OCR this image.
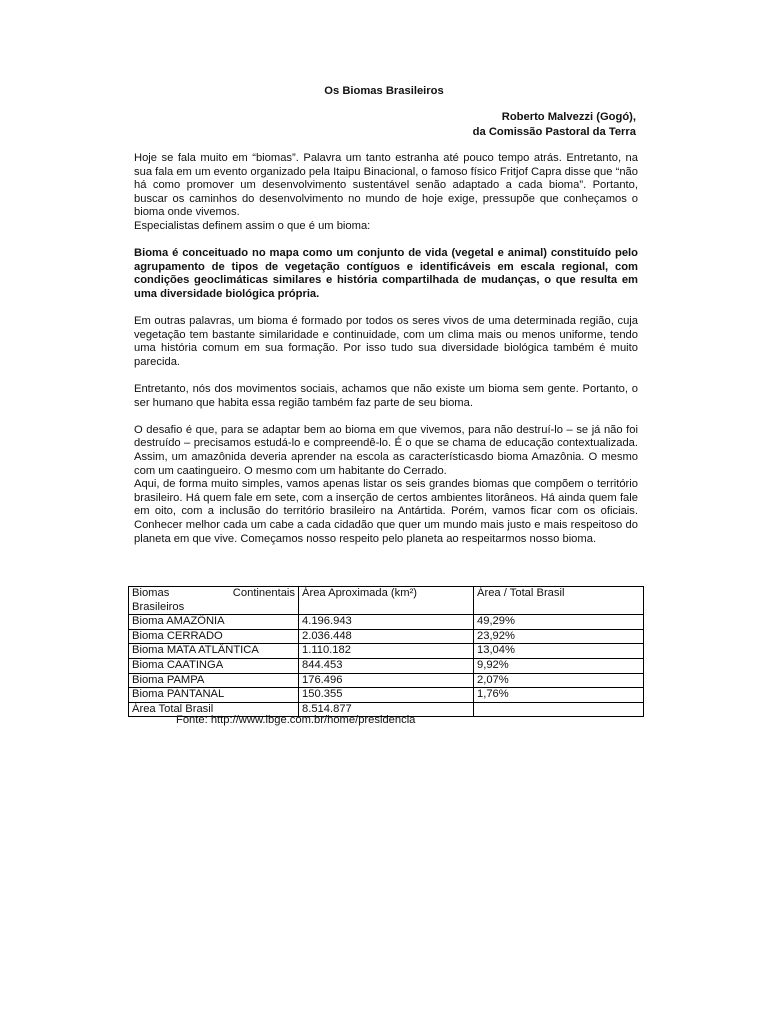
Os Biomas Brasileiros
Roberto Malvezzi (Gogó),
da Comissão Pastoral da Terra

Hoje se fala muito em “biomas”. Palavra um tanto estranha até pouco tempo atrás. Entretanto, na sua fala em um evento organizado pela Itaipu Binacional, o famoso físico Fritjof Capra disse que “não há como promover um desenvolvimento sustentável senão adaptado a cada bioma”. Portanto, buscar os caminhos do desenvolvimento no mundo de hoje exige, pressupõe que conheçamos o bioma onde vivemos.

Especialistas definem assim o que é um bioma:

Bioma é conceituado no mapa como um conjunto de vida (vegetal e animal) constituído pelo agrupamento de tipos de vegetação contíguos e identificáveis em escala regional, com condições geoclimáticas similares e história compartilhada de mudanças, o que resulta em uma diversidade biológica própria.

Em outras palavras, um bioma é formado por todos os seres vivos de uma determinada região, cuja vegetação tem bastante similaridade e continuidade, com um clima mais ou menos uniforme, tendo uma história comum em sua formação. Por isso tudo sua diversidade biológica também é muito parecida.

Entretanto, nós dos movimentos sociais, achamos que não existe um bioma sem gente. Portanto, o ser humano que habita essa região também faz parte de seu bioma.

O desafio é que, para se adaptar bem ao bioma em que vivemos, para não destruí-lo – se já não foi destruído – precisamos estudá-lo e compreendê-lo. É o que se chama de educação contextualizada. Assim, um amazônida deveria aprender na escola as característicasdo bioma Amazônia. O mesmo com um caatingueiro. O mesmo com um habitante do Cerrado.

Aqui, de forma muito simples, vamos apenas listar os seis grandes biomas que compõem o território brasileiro. Há quem fale em sete, com a inserção de certos ambientes litorâneos. Há ainda quem fale em oito, com a inclusão do território brasileiro na Antártida. Porém, vamos ficar com os oficiais. Conhecer melhor cada um cabe a cada cidadão que quer um mundo mais justo e mais respeitoso do planeta em que vive. Começamos nosso respeito pelo planeta ao respeitarmos nosso bioma.

Biomas Continentais
Brasileiros	Área Aproximada (km²)	Área / Total Brasil
Bioma AMAZÔNIA	4.196.943	49,29%
Bioma CERRADO	2.036.448	23,92%
Bioma MATA ATLÂNTICA	1.110.182	13,04%
Bioma CAATINGA	844.453	9,92%
Bioma PAMPA	176.496	2,07%
Bioma PANTANAL	150.355	1,76%
Área Total Brasil	8.514.877	
Fonte: http://www.ibge.com.br/home/presidencia
